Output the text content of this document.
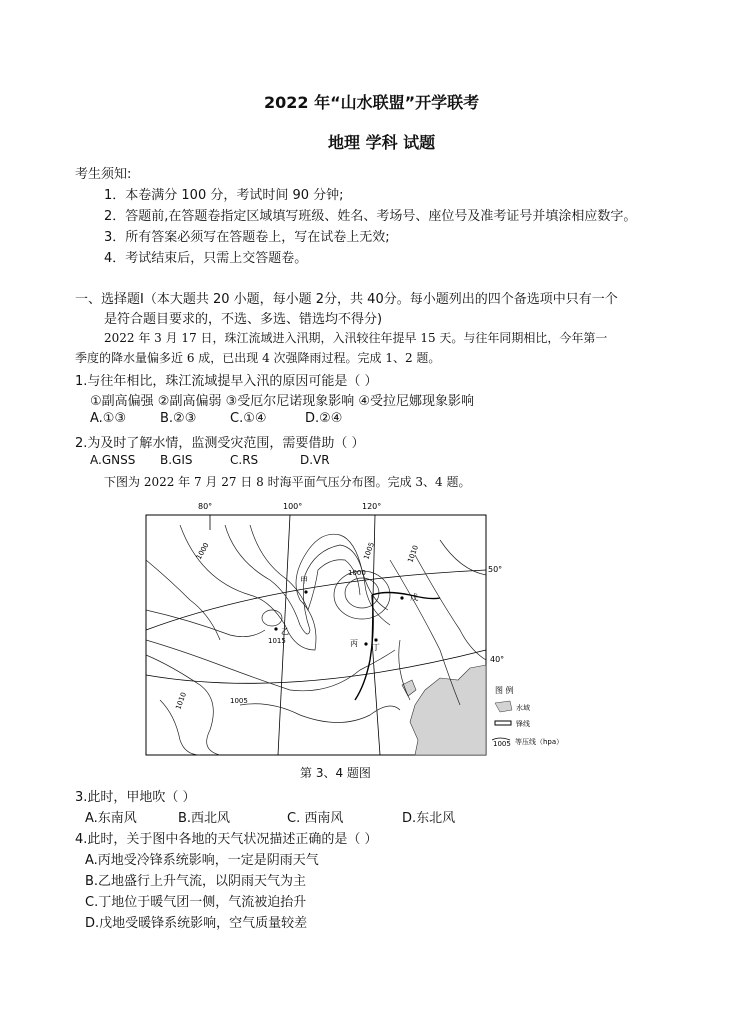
2022 年“山水联盟”开学联考
地理 学科 试题
考生须知:
1．本卷满分 100 分，考试时间 90 分钟;
2．答题前,在答题卷指定区域填写班级、姓名、考场号、座位号及准考证号并填涂相应数字。
3．所有答案必须写在答题卷上，写在试卷上无效;
4．考试结束后，只需上交答题卷。
一、选择题Ⅰ（本大题共 20 小题，每小题 2分，共 40分。每小题列出的四个备选项中只有一个
是符合题目要求的，不选、多选、错选均不得分)
2022 年 3 月 17 日，珠江流域进入汛期，入汛较往年提早 15 天。与往年同期相比，今年第一
季度的降水量偏多近 6 成，已出现 4 次强降雨过程。完成 1、2 题。
1.与往年相比，珠江流域提早入汛的原因可能是（ ）
①副高偏强 ②副高偏弱 ③受厄尔尼诺现象影响 ④受拉尼娜现象影响
A.①③	B.②③	C.①④	D.②④
2.为及时了解水情，监测受灾范围，需要借助（ ）
A.GNSS B.GIS	C.RS	D.VR
下图为 2022 年 7 月 27 日 8 时海平面气压分布图。完成 3、4 题。
80°	100°	120°
1000
1005
1010
1000
1005	1010
1015
甲
乙
丙 丁
戊
50°
40°
图 例
水域
锋线
1005 等压线（hpa）
第 3、4 题图
3.此时，甲地吹（ ）
A.东南风	B.西北风	C. 西南风	D.东北风
4.此时，关于图中各地的天气状况描述正确的是（ ）
A.丙地受冷锋系统影响，一定是阴雨天气
B.乙地盛行上升气流，以阴雨天气为主
C.丁地位于暖气团一侧，气流被迫抬升
D.戊地受暖锋系统影响，空气质量较差
